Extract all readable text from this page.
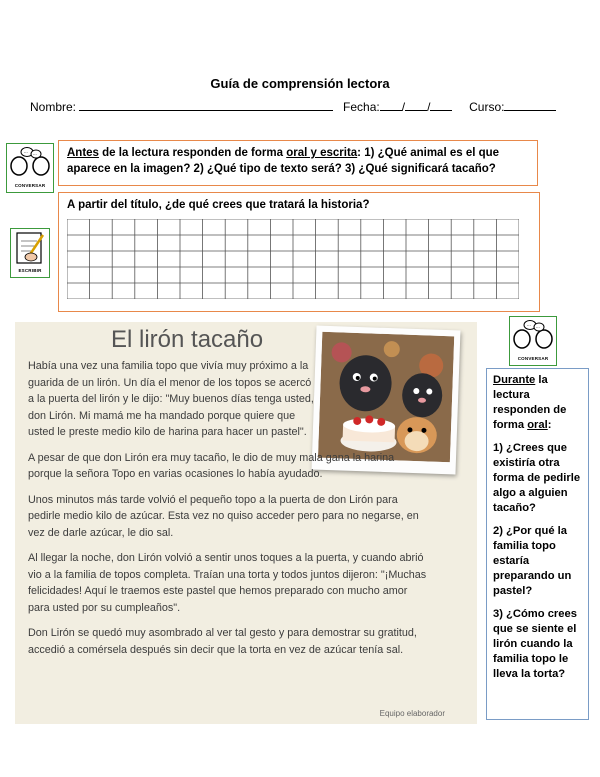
Guía de comprensión lectora
Nombre:	Fecha: / /	Curso:
··· ···
CONVERSAR
Antes de la lectura responden de forma oral y escrita: 1) ¿Qué animal es el que aparece en la imagen? 2) ¿Qué tipo de texto será? 3) ¿Qué significará tacaño?
ESCRIBIR
A partir del título, ¿de qué crees que tratará la historia?
··· ···
CONVERSAR
El lirón tacaño

Había una vez una familia topo que vivía muy próximo a la guarida de un lirón. Un día el menor de los topos se acercó a la puerta del lirón y le dijo: "Muy buenos días tenga usted, don Lirón. Mi mamá me ha mandado porque quiere que usted le preste medio kilo de harina para hacer un pastel".

A pesar de que don Lirón era muy tacaño, le dio de muy mala gana la harina porque la señora Topo en varias ocasiones lo había ayudado.

Unos minutos más tarde volvió el pequeño topo a la puerta de don Lirón para pedirle medio kilo de azúcar. Esta vez no quiso acceder pero para no negarse, en vez de darle azúcar, le dio sal.

Al llegar la noche, don Lirón volvió a sentir unos toques a la puerta, y cuando abrió vio a la familia de topos completa. Traían una torta y todos juntos dijeron: "¡Muchas felicidades! Aquí le traemos este pastel que hemos preparado con mucho amor para usted por su cumpleaños".

Don Lirón se quedó muy asombrado al ver tal gesto y para demostrar su gratitud, accedió a comérsela después sin decir que la torta en vez de azúcar tenía sal.

Equipo elaborador

Durante la lectura responden de forma oral:

1) ¿Crees que existiría otra forma de pedirle algo a alguien tacaño?

2) ¿Por qué la familia topo estaría preparando un pastel?

3) ¿Cómo crees que se siente el lirón cuando la familia topo le lleva la torta?
